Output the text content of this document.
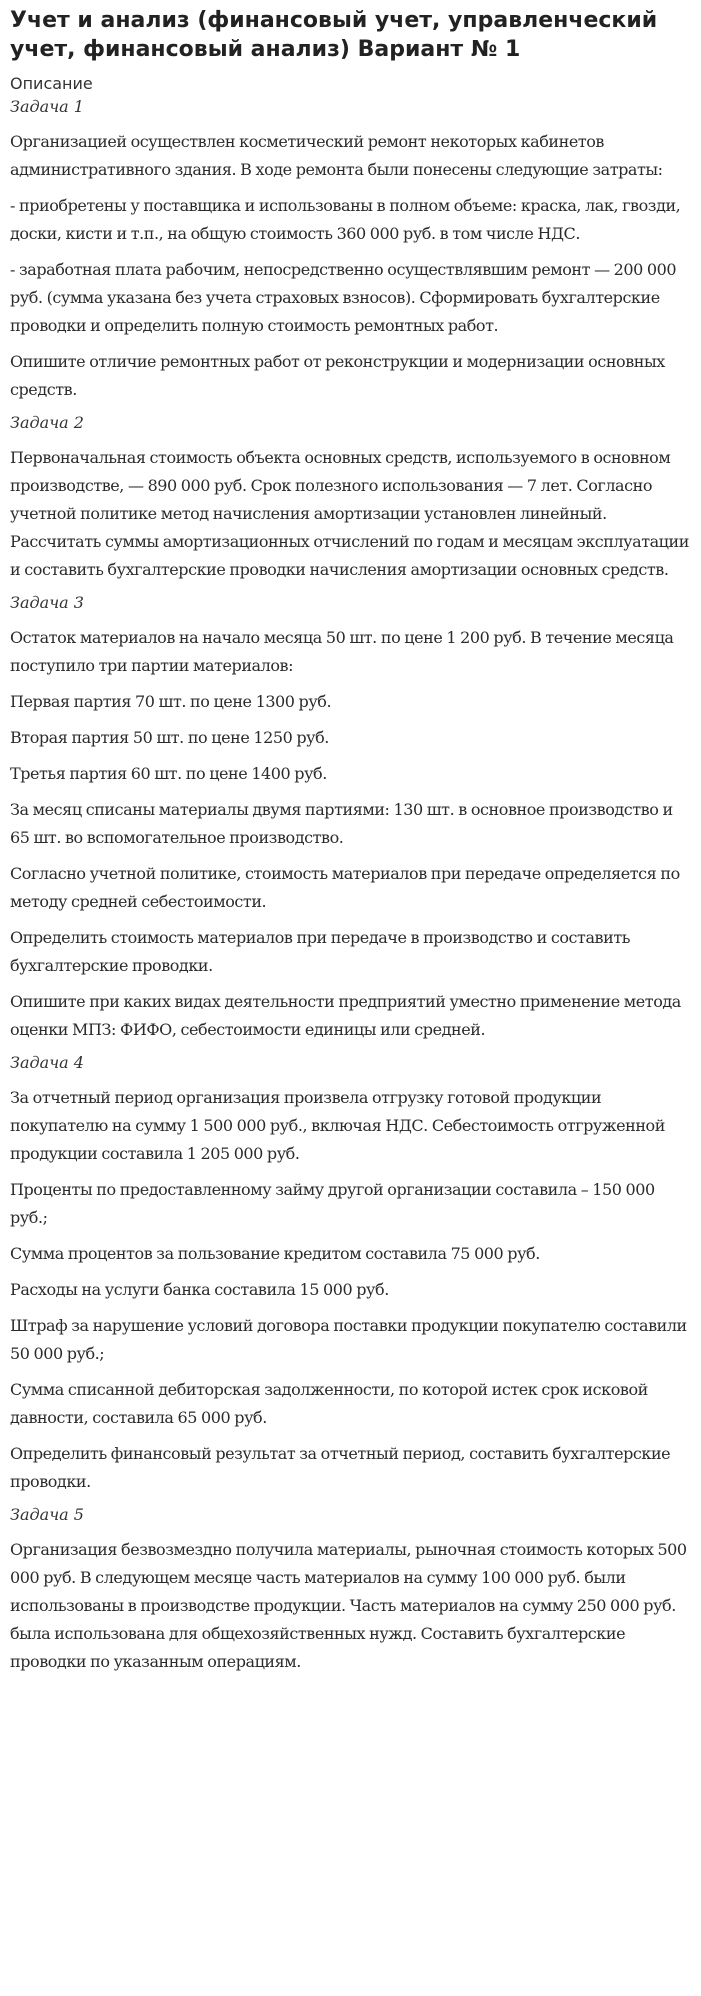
Учет и анализ (финансовый учет, управленческий учет, финансовый анализ) Вариант № 1
Описание
Задача 1

Организацией осуществлен косметический ремонт некоторых кабинетов административного здания. В ходе ремонта были понесены следующие затраты:

- приобретены у поставщика и использованы в полном объеме: краска, лак, гвозди, доски, кисти и т.п., на общую стоимость 360 000 руб. в том числе НДС.

- заработная плата рабочим, непосредственно осуществлявшим ремонт — 200 000 руб. (сумма указана без учета страховых взносов). Сформировать бухгалтерские проводки и определить полную стоимость ремонтных работ.

Опишите отличие ремонтных работ от реконструкции и модернизации основных средств.

Задача 2

Первоначальная стоимость объекта основных средств, используемого в основном производстве, — 890 000 руб. Срок полезного использования — 7 лет. Согласно учетной политике метод начисления амортизации установлен линейный. Рассчитать суммы амортизационных отчислений по годам и месяцам эксплуатации и составить бухгалтерские проводки начисления амортизации основных средств.

Задача 3

Остаток материалов на начало месяца 50 шт. по цене 1 200 руб. В течение месяца поступило три партии материалов:

Первая партия 70 шт. по цене 1300 руб.

Вторая партия 50 шт. по цене 1250 руб.

Третья партия 60 шт. по цене 1400 руб.

За месяц списаны материалы двумя партиями: 130 шт. в основное производство и 65 шт. во вспомогательное производство.

Согласно учетной политике, стоимость материалов при передаче определяется по методу средней себестоимости.

Определить стоимость материалов при передаче в производство и составить бухгалтерские проводки.

Опишите при каких видах деятельности предприятий уместно применение метода оценки МПЗ: ФИФО, себестоимости единицы или средней.

Задача 4

За отчетный период организация произвела отгрузку готовой продукции покупателю на сумму 1 500 000 руб., включая НДС. Себестоимость отгруженной продукции составила 1 205 000 руб.

Проценты по предоставленному займу другой организации составила – 150 000 руб.;

Сумма процентов за пользование кредитом составила 75 000 руб.

Расходы на услуги банка составила 15 000 руб.

Штраф за нарушение условий договора поставки продукции покупателю составили 50 000 руб.;

Сумма списанной дебиторская задолженности, по которой истек срок исковой давности, составила 65 000 руб.

Определить финансовый результат за отчетный период, составить бухгалтерские проводки.

Задача 5

Организация безвозмездно получила материалы, рыночная стоимость которых 500 000 руб. В следующем месяце часть материалов на сумму 100 000 руб. были использованы в производстве продукции. Часть материалов на сумму 250 000 руб. была использована для общехозяйственных нужд. Составить бухгалтерские проводки по указанным операциям.
